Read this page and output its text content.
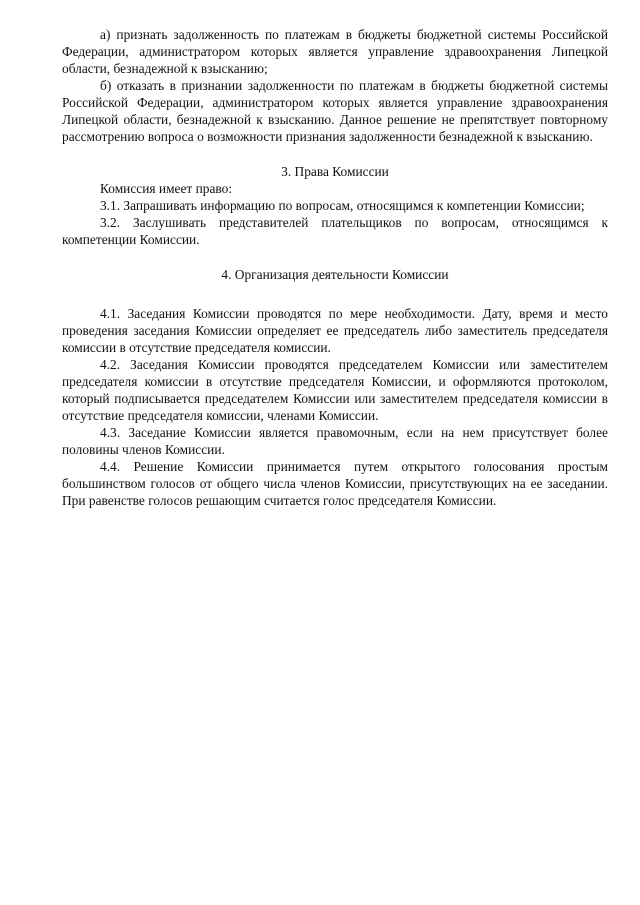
а) признать задолженность по платежам в бюджеты бюджетной системы Российской Федерации, администратором которых является управление здравоохранения Липецкой области, безнадежной к взысканию;

б) отказать в признании задолженности по платежам в бюджеты бюджетной системы Российской Федерации, администратором которых является управление здравоохранения Липецкой области, безнадежной к взысканию. Данное решение не препятствует повторному рассмотрению вопроса о возможности признания задолженности безнадежной к взысканию.

3. Права Комиссии

Комиссия имеет право:

3.1. Запрашивать информацию по вопросам, относящимся к компетенции Комиссии;

3.2. Заслушивать представителей плательщиков по вопросам, относящимся к компетенции Комиссии.

4. Организация деятельности Комиссии

4.1. Заседания Комиссии проводятся по мере необходимости. Дату, время и место проведения заседания Комиссии определяет ее председатель либо заместитель председателя комиссии в отсутствие председателя комиссии.

4.2. Заседания Комиссии проводятся председателем Комиссии или заместителем председателя комиссии в отсутствие председателя Комиссии, и оформляются протоколом, который подписывается председателем Комиссии или заместителем председателя комиссии в отсутствие председателя комиссии, членами Комиссии.

4.3. Заседание Комиссии является правомочным, если на нем присутствует более половины членов Комиссии.

4.4. Решение Комиссии принимается путем открытого голосования простым большинством голосов от общего числа членов Комиссии, присутствующих на ее заседании. При равенстве голосов решающим считается голос председателя Комиссии.
